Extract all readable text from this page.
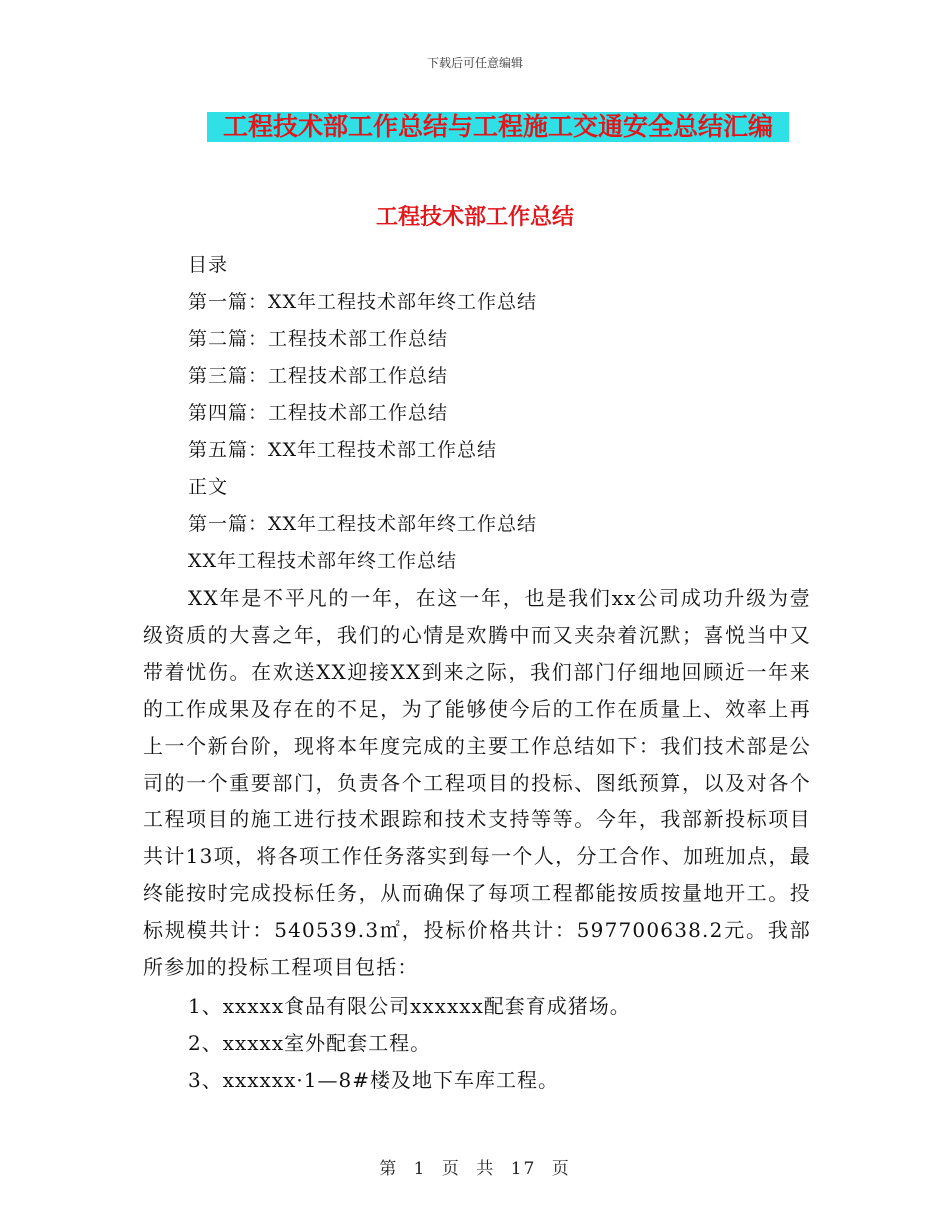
下载后可任意编辑
工程技术部工作总结与工程施工交通安全总结汇编
工程技术部工作总结
目录
第一篇：XX年工程技术部年终工作总结
第二篇：工程技术部工作总结
第三篇：工程技术部工作总结
第四篇：工程技术部工作总结
第五篇：XX年工程技术部工作总结
正文
第一篇：XX年工程技术部年终工作总结
XX年工程技术部年终工作总结

XX年是不平凡的一年，在这一年，也是我们xx公司成功升级为壹级资质的大喜之年，我们的心情是欢腾中而又夹杂着沉默；喜悦当中又带着忧伤。在欢送XX迎接XX到来之际，我们部门仔细地回顾近一年来的工作成果及存在的不足，为了能够使今后的工作在质量上、效率上再上一个新台阶，现将本年度完成的主要工作总结如下：我们技术部是公司的一个重要部门，负责各个工程项目的投标、图纸预算，以及对各个工程项目的施工进行技术跟踪和技术支持等等。今年，我部新投标项目共计13项，将各项工作任务落实到每一个人，分工合作、加班加点，最终能按时完成投标任务，从而确保了每项工程都能按质按量地开工。投标规模共计：540539.3㎡，投标价格共计：597700638.2元。我部所参加的投标工程项目包括：

1、xxxxx食品有限公司xxxxxx配套育成猪场。
2、xxxxx室外配套工程。
3、xxxxxx·1—8#楼及地下车库工程。
第 1 页 共 17 页
